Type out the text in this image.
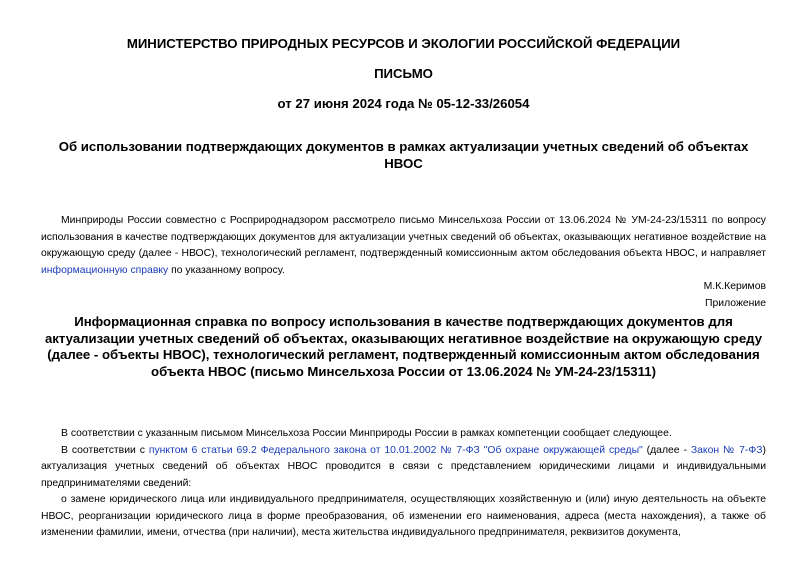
МИНИСТЕРСТВО ПРИРОДНЫХ РЕСУРСОВ И ЭКОЛОГИИ РОССИЙСКОЙ ФЕДЕРАЦИИ
ПИСЬМО
от 27 июня 2024 года № 05-12-33/26054
Об использовании подтверждающих документов в рамках актуализации учетных сведений об объектах НВОС

Минприроды России совместно с Росприроднадзором рассмотрело письмо Минсельхоза России от 13.06.2024 № УМ-24-23/15311 по вопросу использования в качестве подтверждающих документов для актуализации учетных сведений об объектах, оказывающих негативное воздействие на окружающую среду (далее - НВОС), технологический регламент, подтвержденный комиссионным актом обследования объекта НВОС, и направляет информационную справку по указанному вопросу.

М.К.Керимов

Приложение

Информационная справка по вопросу использования в качестве подтверждающих документов для актуализации учетных сведений об объектах, оказывающих негативное воздействие на окружающую среду (далее - объекты НВОС), технологический регламент, подтвержденный комиссионным актом обследования объекта НВОС (письмо Минсельхоза России от 13.06.2024 № УМ-24-23/15311)

В соответствии с указанным письмом Минсельхоза России Минприроды России в рамках компетенции сообщает следующее.

В соответствии с пунктом 6 статьи 69.2 Федерального закона от 10.01.2002 № 7-ФЗ "Об охране окружающей среды" (далее - Закон № 7-ФЗ) актуализация учетных сведений об объектах НВОС проводится в связи с представлением юридическими лицами и индивидуальными предпринимателями сведений:

о замене юридического лица или индивидуального предпринимателя, осуществляющих хозяйственную и (или) иную деятельность на объекте НВОС, реорганизации юридического лица в форме преобразования, об изменении его наименования, адреса (места нахождения), а также об изменении фамилии, имени, отчества (при наличии), места жительства индивидуального предпринимателя, реквизитов документа,
